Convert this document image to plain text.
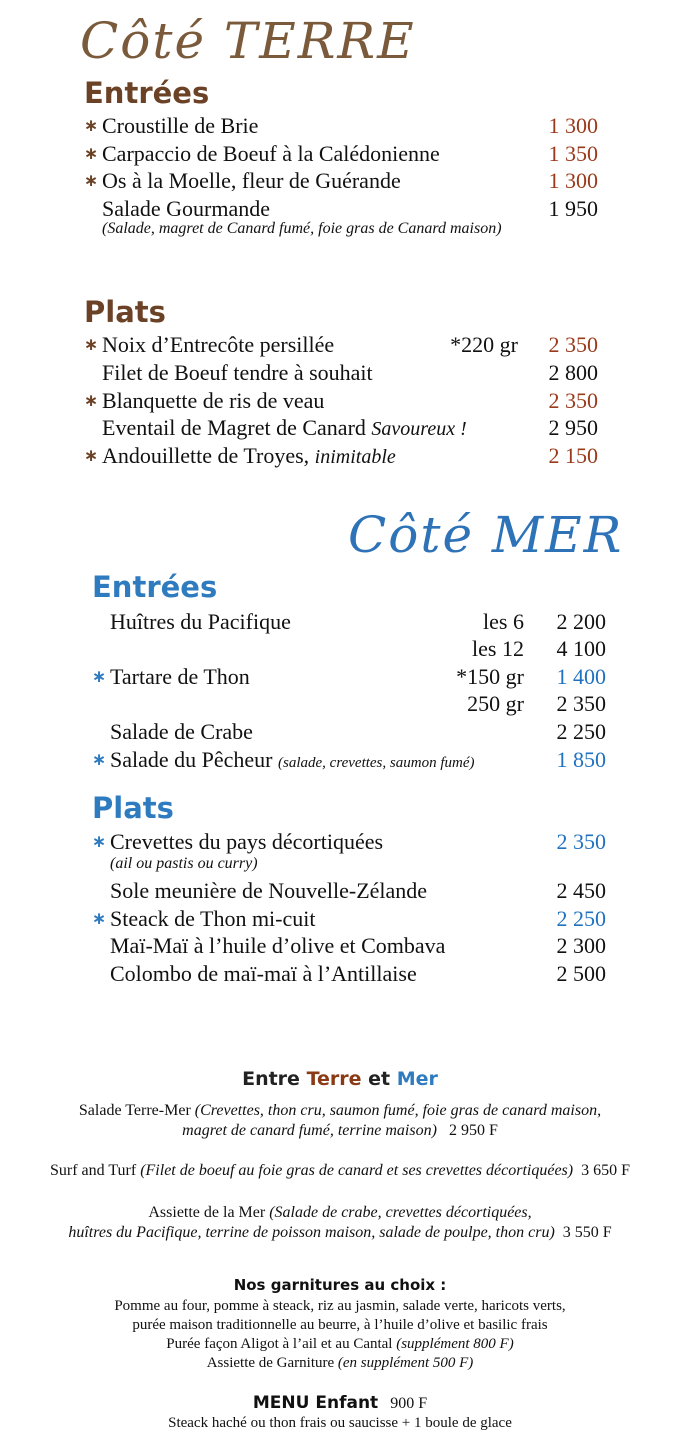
Côté TERRE
Entrées
∗ Croustille de Brie	1 300
∗ Carpaccio de Boeuf à la Calédonienne	1 350
∗ Os à la Moelle, fleur de Guérande	1 300
Salade Gourmande	1 950
(Salade, magret de Canard fumé, foie gras de Canard maison)
Plats
∗ Noix d’Entrecôte persillée	*220 gr	2 350
Filet de Boeuf tendre à souhait	2 800
∗ Blanquette de ris de veau	2 350
Eventail de Magret de Canard Savoureux !	2 950
∗ Andouillette de Troyes, inimitable	2 150
Côté MER
Entrées
Huîtres du Pacifique	les 6	2 200
les 12	4 100
∗ Tartare de Thon	*150 gr	1 400
250 gr	2 350
Salade de Crabe	2 250
∗ Salade du Pêcheur (salade, crevettes, saumon fumé)	1 850
Plats
∗ Crevettes du pays décortiquées	2 350
(ail ou pastis ou curry)
Sole meunière de Nouvelle-Zélande	2 450
∗ Steack de Thon mi-cuit	2 250
Maï-Maï à l’huile d’olive et Combava	2 300
Colombo de maï-maï à l’Antillaise	2 500
Entre Terre et Mer
Salade Terre-Mer (Crevettes, thon cru, saumon fumé, foie gras de canard maison,
magret de canard fumé, terrine maison) 2 950 F
Surf and Turf (Filet de boeuf au foie gras de canard et ses crevettes décortiquées) 3 650 F
Assiette de la Mer (Salade de crabe, crevettes décortiquées,
huîtres du Pacifique, terrine de poisson maison, salade de poulpe, thon cru) 3 550 F
Nos garnitures au choix :
Pomme au four, pomme à steack, riz au jasmin, salade verte, haricots verts,
purée maison traditionnelle au beurre, à l’huile d’olive et basilic frais
Purée façon Aligot à l’ail et au Cantal (supplément 800 F)
Assiette de Garniture (en supplément 500 F)
MENU Enfant 900 F
Steack haché ou thon frais ou saucisse + 1 boule de glace
